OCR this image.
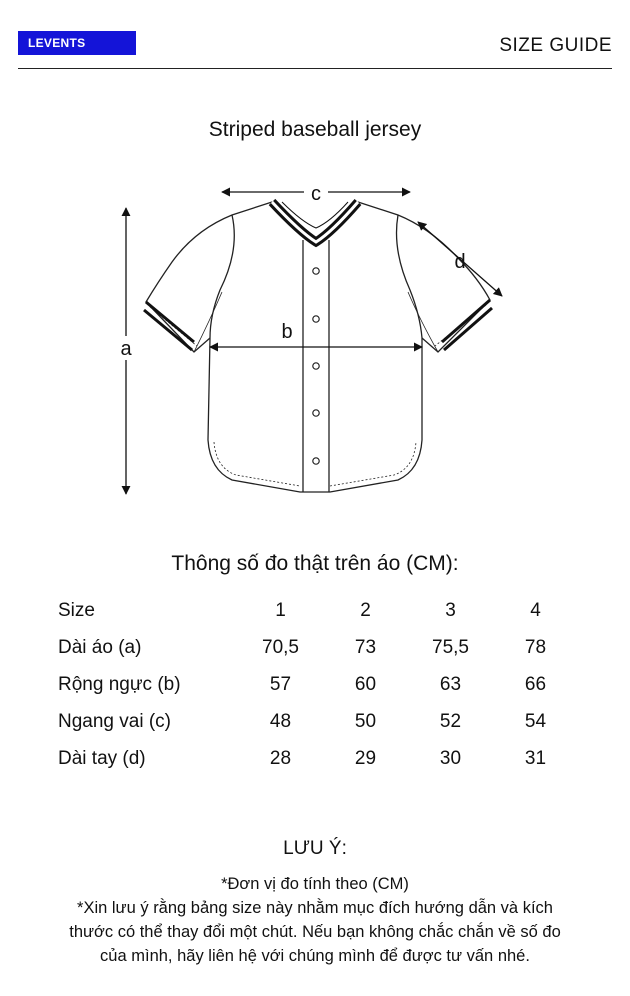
LEVENTS	SIZE GUIDE
Striped baseball jersey
c
a
b
d
Thông số đo thật trên áo (CM):
Size	1	2	3	4
Dài áo (a)	70,5	73	75,5	78
Rộng ngực (b)	57	60	63	66
Ngang vai (c)	48	50	52	54
Dài tay (d)	28	29	30	31
LƯU Ý:
*Đơn vị đo tính theo (CM)
*Xin lưu ý rằng bảng size này nhằm mục đích hướng dẫn và kích
thước có thể thay đổi một chút. Nếu bạn không chắc chắn về số đo
của mình, hãy liên hệ với chúng mình để được tư vấn nhé.
